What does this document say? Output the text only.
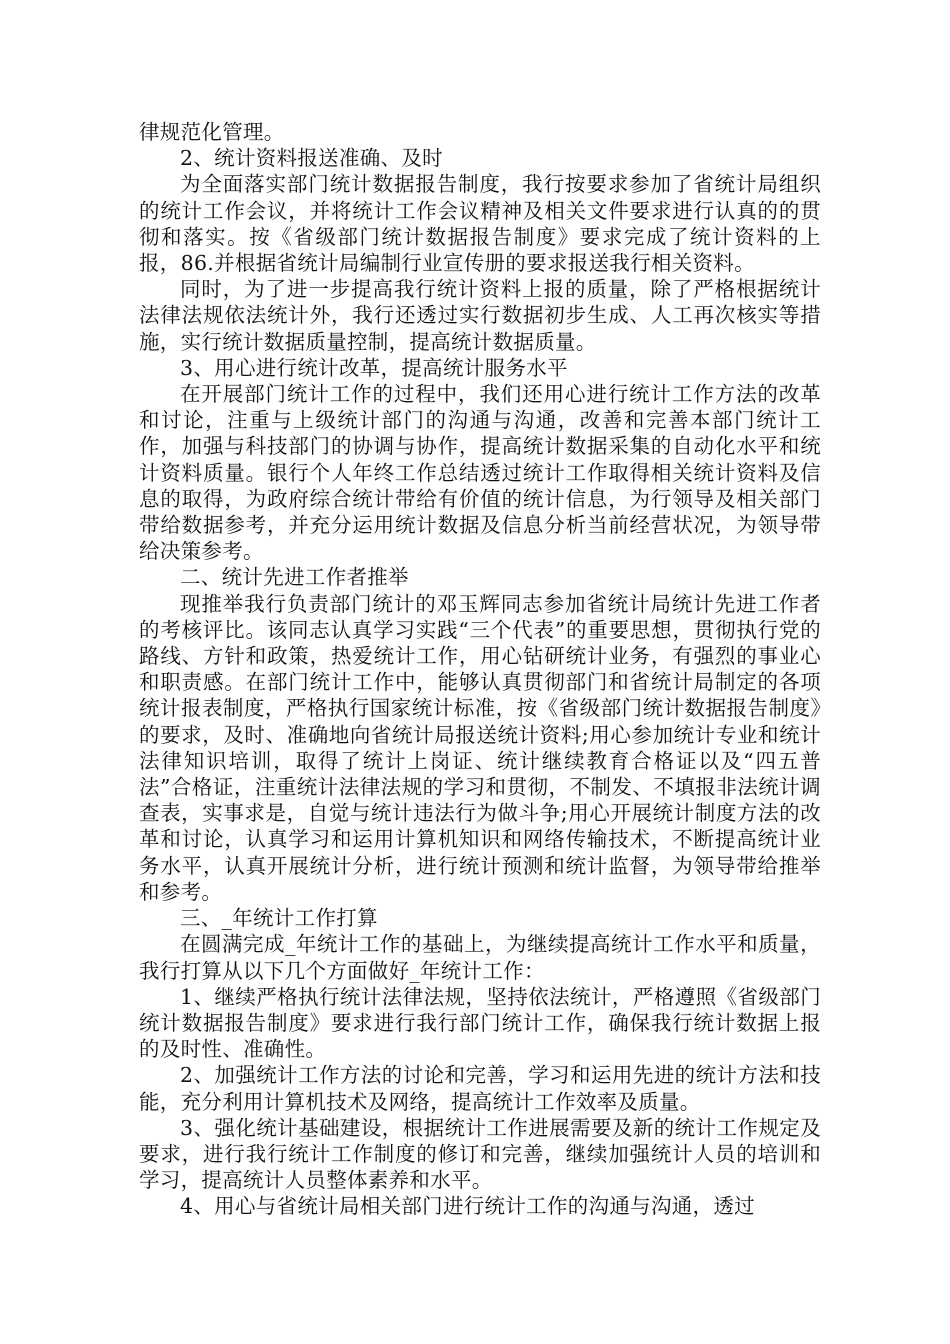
律规范化管理。

2、统计资料报送准确、及时

为全面落实部门统计数据报告制度，我行按要求参加了省统计局组织的统计工作会议，并将统计工作会议精神及相关文件要求进行认真的的贯彻和落实。按《省级部门统计数据报告制度》要求完成了统计资料的上报，86.并根据省统计局编制行业宣传册的要求报送我行相关资料。

同时，为了进一步提高我行统计资料上报的质量，除了严格根据统计法律法规依法统计外，我行还透过实行数据初步生成、人工再次核实等措施，实行统计数据质量控制，提高统计数据质量。

3、用心进行统计改革，提高统计服务水平

在开展部门统计工作的过程中，我们还用心进行统计工作方法的改革和讨论，注重与上级统计部门的沟通与沟通，改善和完善本部门统计工作，加强与科技部门的协调与协作，提高统计数据采集的自动化水平和统计资料质量。银行个人年终工作总结透过统计工作取得相关统计资料及信息的取得，为政府综合统计带给有价值的统计信息，为行领导及相关部门带给数据参考，并充分运用统计数据及信息分析当前经营状况，为领导带给决策参考。

二、统计先进工作者推举

现推举我行负责部门统计的邓玉辉同志参加省统计局统计先进工作者的考核评比。该同志认真学习实践“三个代表”的重要思想，贯彻执行党的路线、方针和政策，热爱统计工作，用心钻研统计业务，有强烈的事业心和职责感。在部门统计工作中，能够认真贯彻部门和省统计局制定的各项统计报表制度，严格执行国家统计标准，按《省级部门统计数据报告制度》的要求，及时、准确地向省统计局报送统计资料;用心参加统计专业和统计法律知识培训，取得了统计上岗证、统计继续教育合格证以及“四五普法”合格证，注重统计法律法规的学习和贯彻，不制发、不填报非法统计调查表，实事求是，自觉与统计违法行为做斗争;用心开展统计制度方法的改革和讨论，认真学习和运用计算机知识和网络传输技术，不断提高统计业务水平，认真开展统计分析，进行统计预测和统计监督，为领导带给推举和参考。

三、_年统计工作打算

在圆满完成_年统计工作的基础上，为继续提高统计工作水平和质量，我行打算从以下几个方面做好_年统计工作：

1、继续严格执行统计法律法规，坚持依法统计，严格遵照《省级部门统计数据报告制度》要求进行我行部门统计工作，确保我行统计数据上报的及时性、准确性。

2、加强统计工作方法的讨论和完善，学习和运用先进的统计方法和技能，充分利用计算机技术及网络，提高统计工作效率及质量。

3、强化统计基础建设，根据统计工作进展需要及新的统计工作规定及要求，进行我行统计工作制度的修订和完善，继续加强统计人员的培训和学习，提高统计人员整体素养和水平。

4、用心与省统计局相关部门进行统计工作的沟通与沟通，透过
